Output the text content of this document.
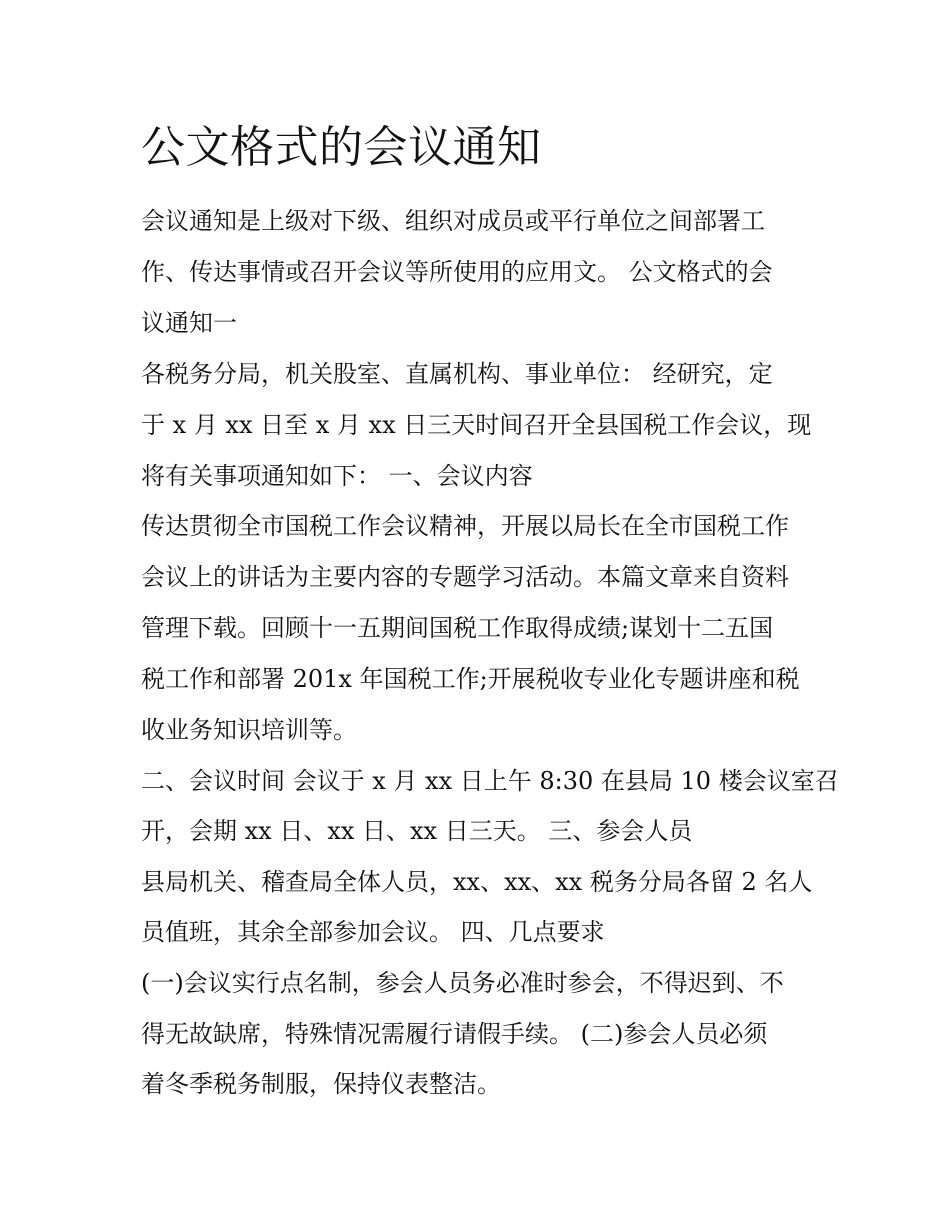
公文格式的会议通知

会议通知是上级对下级、组织对成员或平行单位之间部署工

作、传达事情或召开会议等所使用的应用文。 公文格式的会

议通知一

各税务分局，机关股室、直属机构、事业单位： 经研究，定

于 x 月 xx 日至 x 月 xx 日三天时间召开全县国税工作会议，现

将有关事项通知如下： 一、会议内容

传达贯彻全市国税工作会议精神，开展以局长在全市国税工作

会议上的讲话为主要内容的专题学习活动。本篇文章来自资料

管理下载。回顾十一五期间国税工作取得成绩;谋划十二五国

税工作和部署 201x 年国税工作;开展税收专业化专题讲座和税

收业务知识培训等。

二、会议时间 会议于 x 月 xx 日上午 8:30 在县局 10 楼会议室召

开，会期 xx 日、xx 日、xx 日三天。 三、参会人员

县局机关、稽查局全体人员，xx、xx、xx 税务分局各留 2 名人

员值班，其余全部参加会议。 四、几点要求

(一)会议实行点名制，参会人员务必准时参会，不得迟到、不

得无故缺席，特殊情况需履行请假手续。 (二)参会人员必须

着冬季税务制服，保持仪表整洁。
